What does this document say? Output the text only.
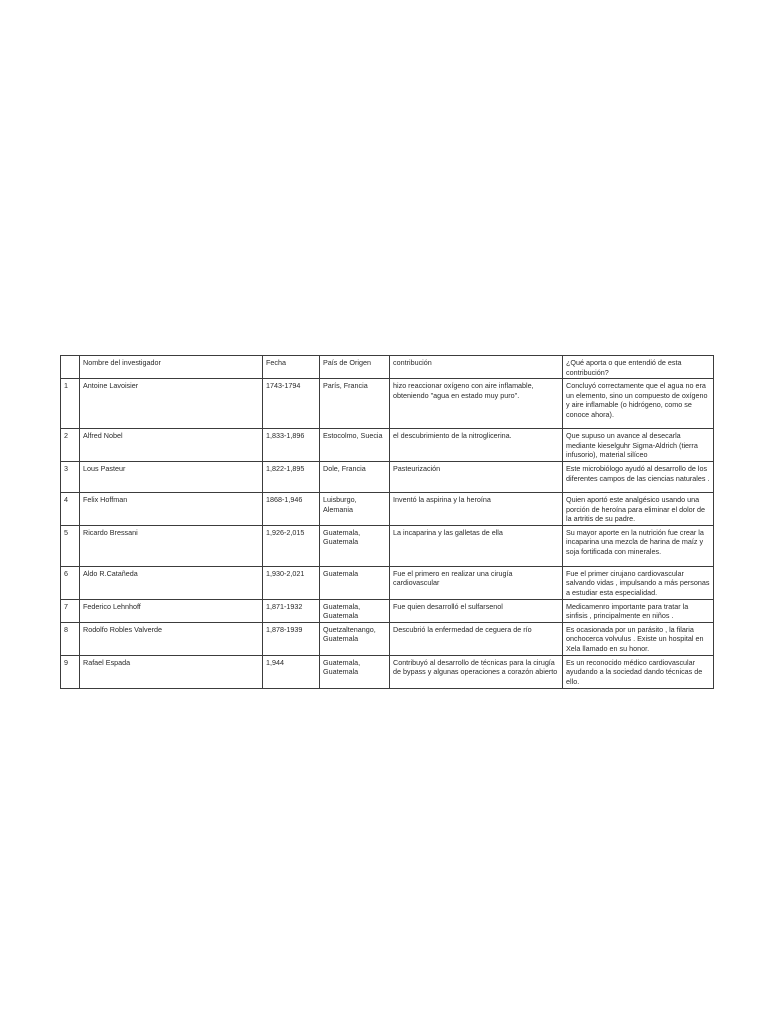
	Nombre del investigador	Fecha	País de Origen	contribución	¿Qué aporta o que entendió de esta contribución?
1	Antoine Lavoisier	1743-1794	París, Francia	hizo reaccionar oxígeno con aire inflamable, obteniendo "agua en estado muy puro".	Concluyó correctamente que el agua no era un elemento, sino un compuesto de oxígeno y aire inflamable (o hidrógeno, como se conoce ahora).
2	Alfred Nobel	1,833-1,896	Estocolmo, Suecia	el descubrimiento de la nitroglicerina.	Que supuso un avance al desecarla mediante kieselguhr Sigma-Aldrich (tierra infusorio), material silíceo
3	Lous Pasteur	1,822-1,895	Dole, Francia	Pasteurización	Este microbiólogo ayudó al desarrollo de los diferentes campos de las ciencias naturales .
4	Felix Hoffman	1868-1,946	Luisburgo, Alemania	Inventó la aspirina y la heroína	Quien aportó este analgésico usando una porción de heroína para eliminar el dolor de la artritis de su padre.
5	Ricardo Bressani	1,926-2,015	Guatemala, Guatemala	La incaparina y las galletas de ella	Su mayor aporte en la nutrición fue crear la incaparina una mezcla de harina de maíz y soja fortificada con minerales.
6	Aldo R.Catañeda	1,930-2,021	Guatemala	Fue el primero en realizar una cirugía cardiovascular	Fue el primer cirujano cardiovascular salvando vidas , impulsando a más personas a estudiar esta especialidad.
7	Federico Lehnhoff	1,871-1932	Guatemala, Guatemala	Fue quien desarrolló el sulfarsenol	Medicamenro importante para tratar la sinfisis , principalmente en niños .
8	Rodolfo Robles Valverde	1,878-1939	Quetzaltenango, Guatemala	Descubrió la enfermedad de ceguera de río	Es ocasionada por un parásito , la filaria onchocerca volvulus . Existe un hospital en Xela llamado en su honor.
9	Rafael Espada	1,944	Guatemala, Guatemala	Contribuyó al desarrollo de técnicas para la cirugía de bypass y algunas operaciones a corazón abierto	Es un reconocido médico cardiovascular ayudando a la sociedad dando técnicas de ello.
